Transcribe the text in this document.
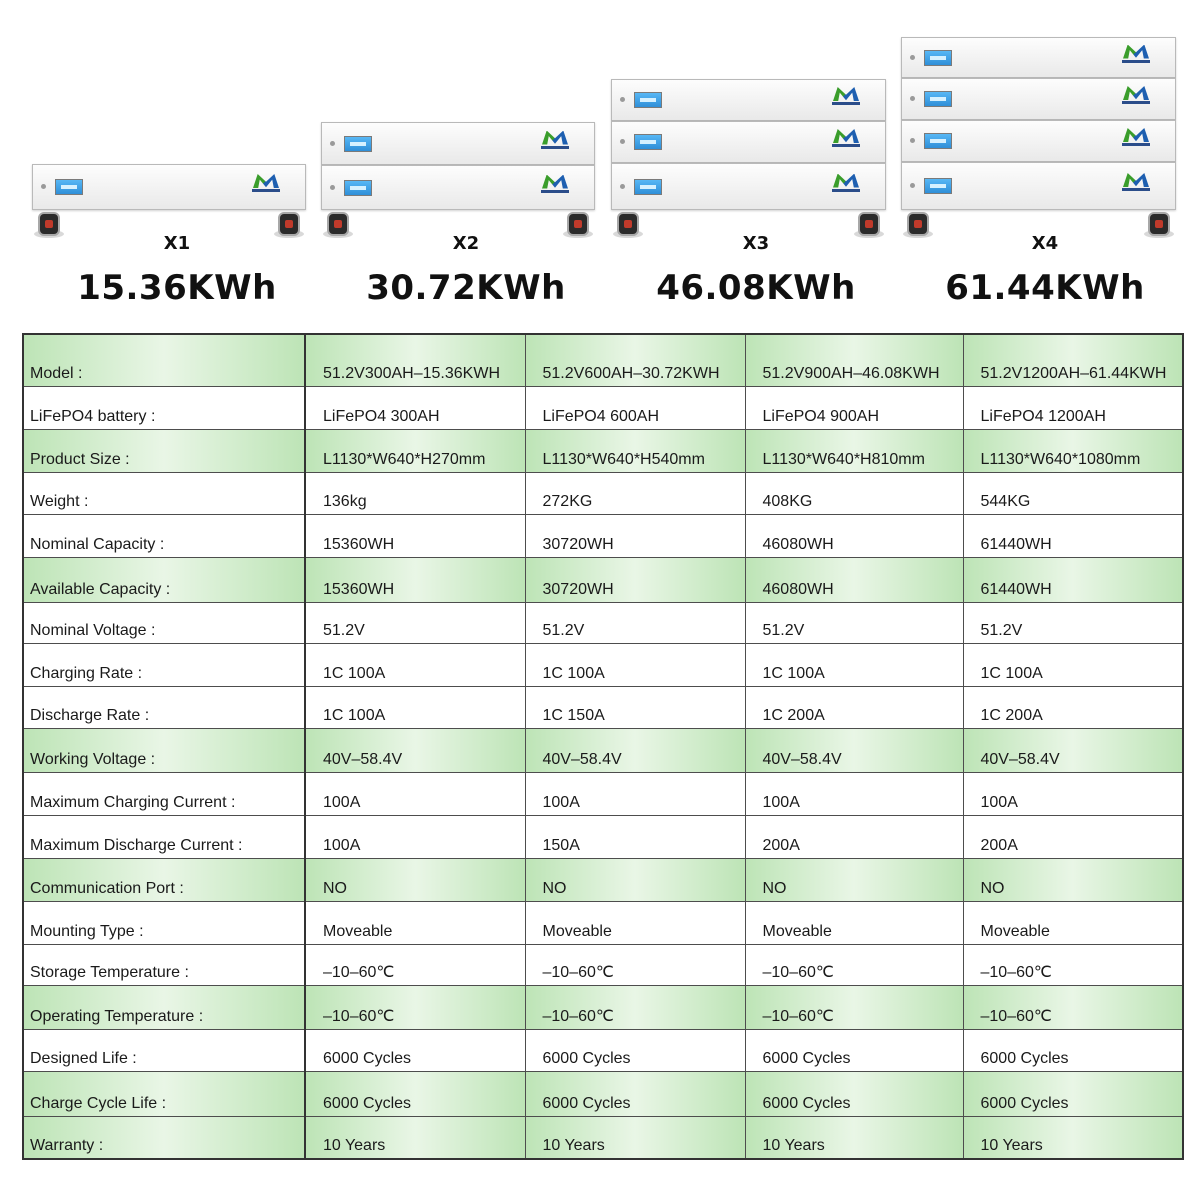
X1	X2	X3	X4
15.36KWh	30.72KWh	46.08KWh	61.44KWh
Model :	51.2V300AH–15.36KWH	51.2V600AH–30.72KWH	51.2V900AH–46.08KWH	51.2V1200AH–61.44KWH
LiFePO4 battery :	LiFePO4 300AH	LiFePO4 600AH	LiFePO4 900AH	LiFePO4 1200AH
Product Size :	L1130*W640*H270mm	L1130*W640*H540mm	L1130*W640*H810mm	L1130*W640*1080mm
Weight :	136kg	272KG	408KG	544KG
Nominal Capacity :	15360WH	30720WH	46080WH	61440WH
Available Capacity :	15360WH	30720WH	46080WH	61440WH
Nominal Voltage :	51.2V	51.2V	51.2V	51.2V
Charging Rate :	1C 100A	1C 100A	1C 100A	1C 100A
Discharge Rate :	1C 100A	1C 150A	1C 200A	1C 200A
Working Voltage :	40V–58.4V	40V–58.4V	40V–58.4V	40V–58.4V
Maximum Charging Current :	100A	100A	100A	100A
Maximum Discharge Current :	100A	150A	200A	200A
Communication Port :	NO	NO	NO	NO
Mounting Type :	Moveable	Moveable	Moveable	Moveable
Storage Temperature :	–10–60℃	–10–60℃	–10–60℃	–10–60℃
Operating Temperature :	–10–60℃	–10–60℃	–10–60℃	–10–60℃
Designed Life :	6000 Cycles	6000 Cycles	6000 Cycles	6000 Cycles
Charge Cycle Life :	6000 Cycles	6000 Cycles	6000 Cycles	6000 Cycles
Warranty :	10 Years	10 Years	10 Years	10 Years
